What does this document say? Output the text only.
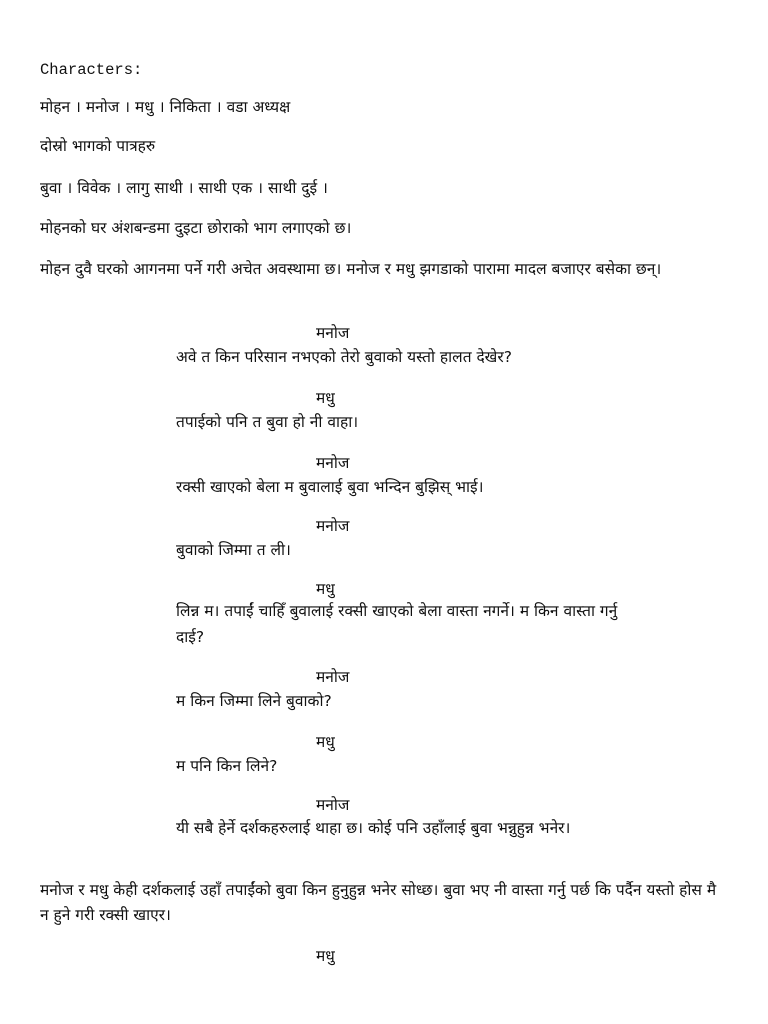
Characters:
मोहन । मनोज । मधु । निकिता । वडा अध्यक्ष
दोस्रो भागको पात्रहरु
बुवा । विवेक । लागु साथी । साथी एक । साथी दुई ।
मोहनको घर अंशबन्डमा दुइटा छोराको भाग लगाएको छ।
मोहन दुवै घरको आगनमा पर्ने गरी अचेत अवस्थामा छ। मनोज र मधु झगडाको पारामा मादल बजाएर बसेका छन्।
मनोज
अवे त किन परिसान नभएको तेरो बुवाको यस्तो हालत देखेर?
मधु
तपाईको पनि त बुवा हो नी वाहा।
मनोज
रक्सी खाएको बेला म बुवालाई बुवा भन्दिन बुझिस् भाई।
मनोज
बुवाको जिम्मा त ली।
मधु
लिन्न म। तपाईं चाहिँ बुवालाई रक्सी खाएको बेला वास्ता नगर्ने। म किन वास्ता गर्नु दाई?
मनोज
म किन जिम्मा लिने बुवाको?
मधु
म पनि किन लिने?
मनोज
यी सबै हेर्ने दर्शकहरुलाई थाहा छ। कोई पनि उहाँलाई बुवा भन्नुहुन्न भनेर।
मनोज र मधु केही दर्शकलाई उहाँ तपाईंको बुवा किन हुनुहुन्न भनेर सोध्छ। बुवा भए नी वास्ता गर्नु पर्छ कि पर्दैन यस्तो होस मै न हुने गरी रक्सी खाएर।
मधु
